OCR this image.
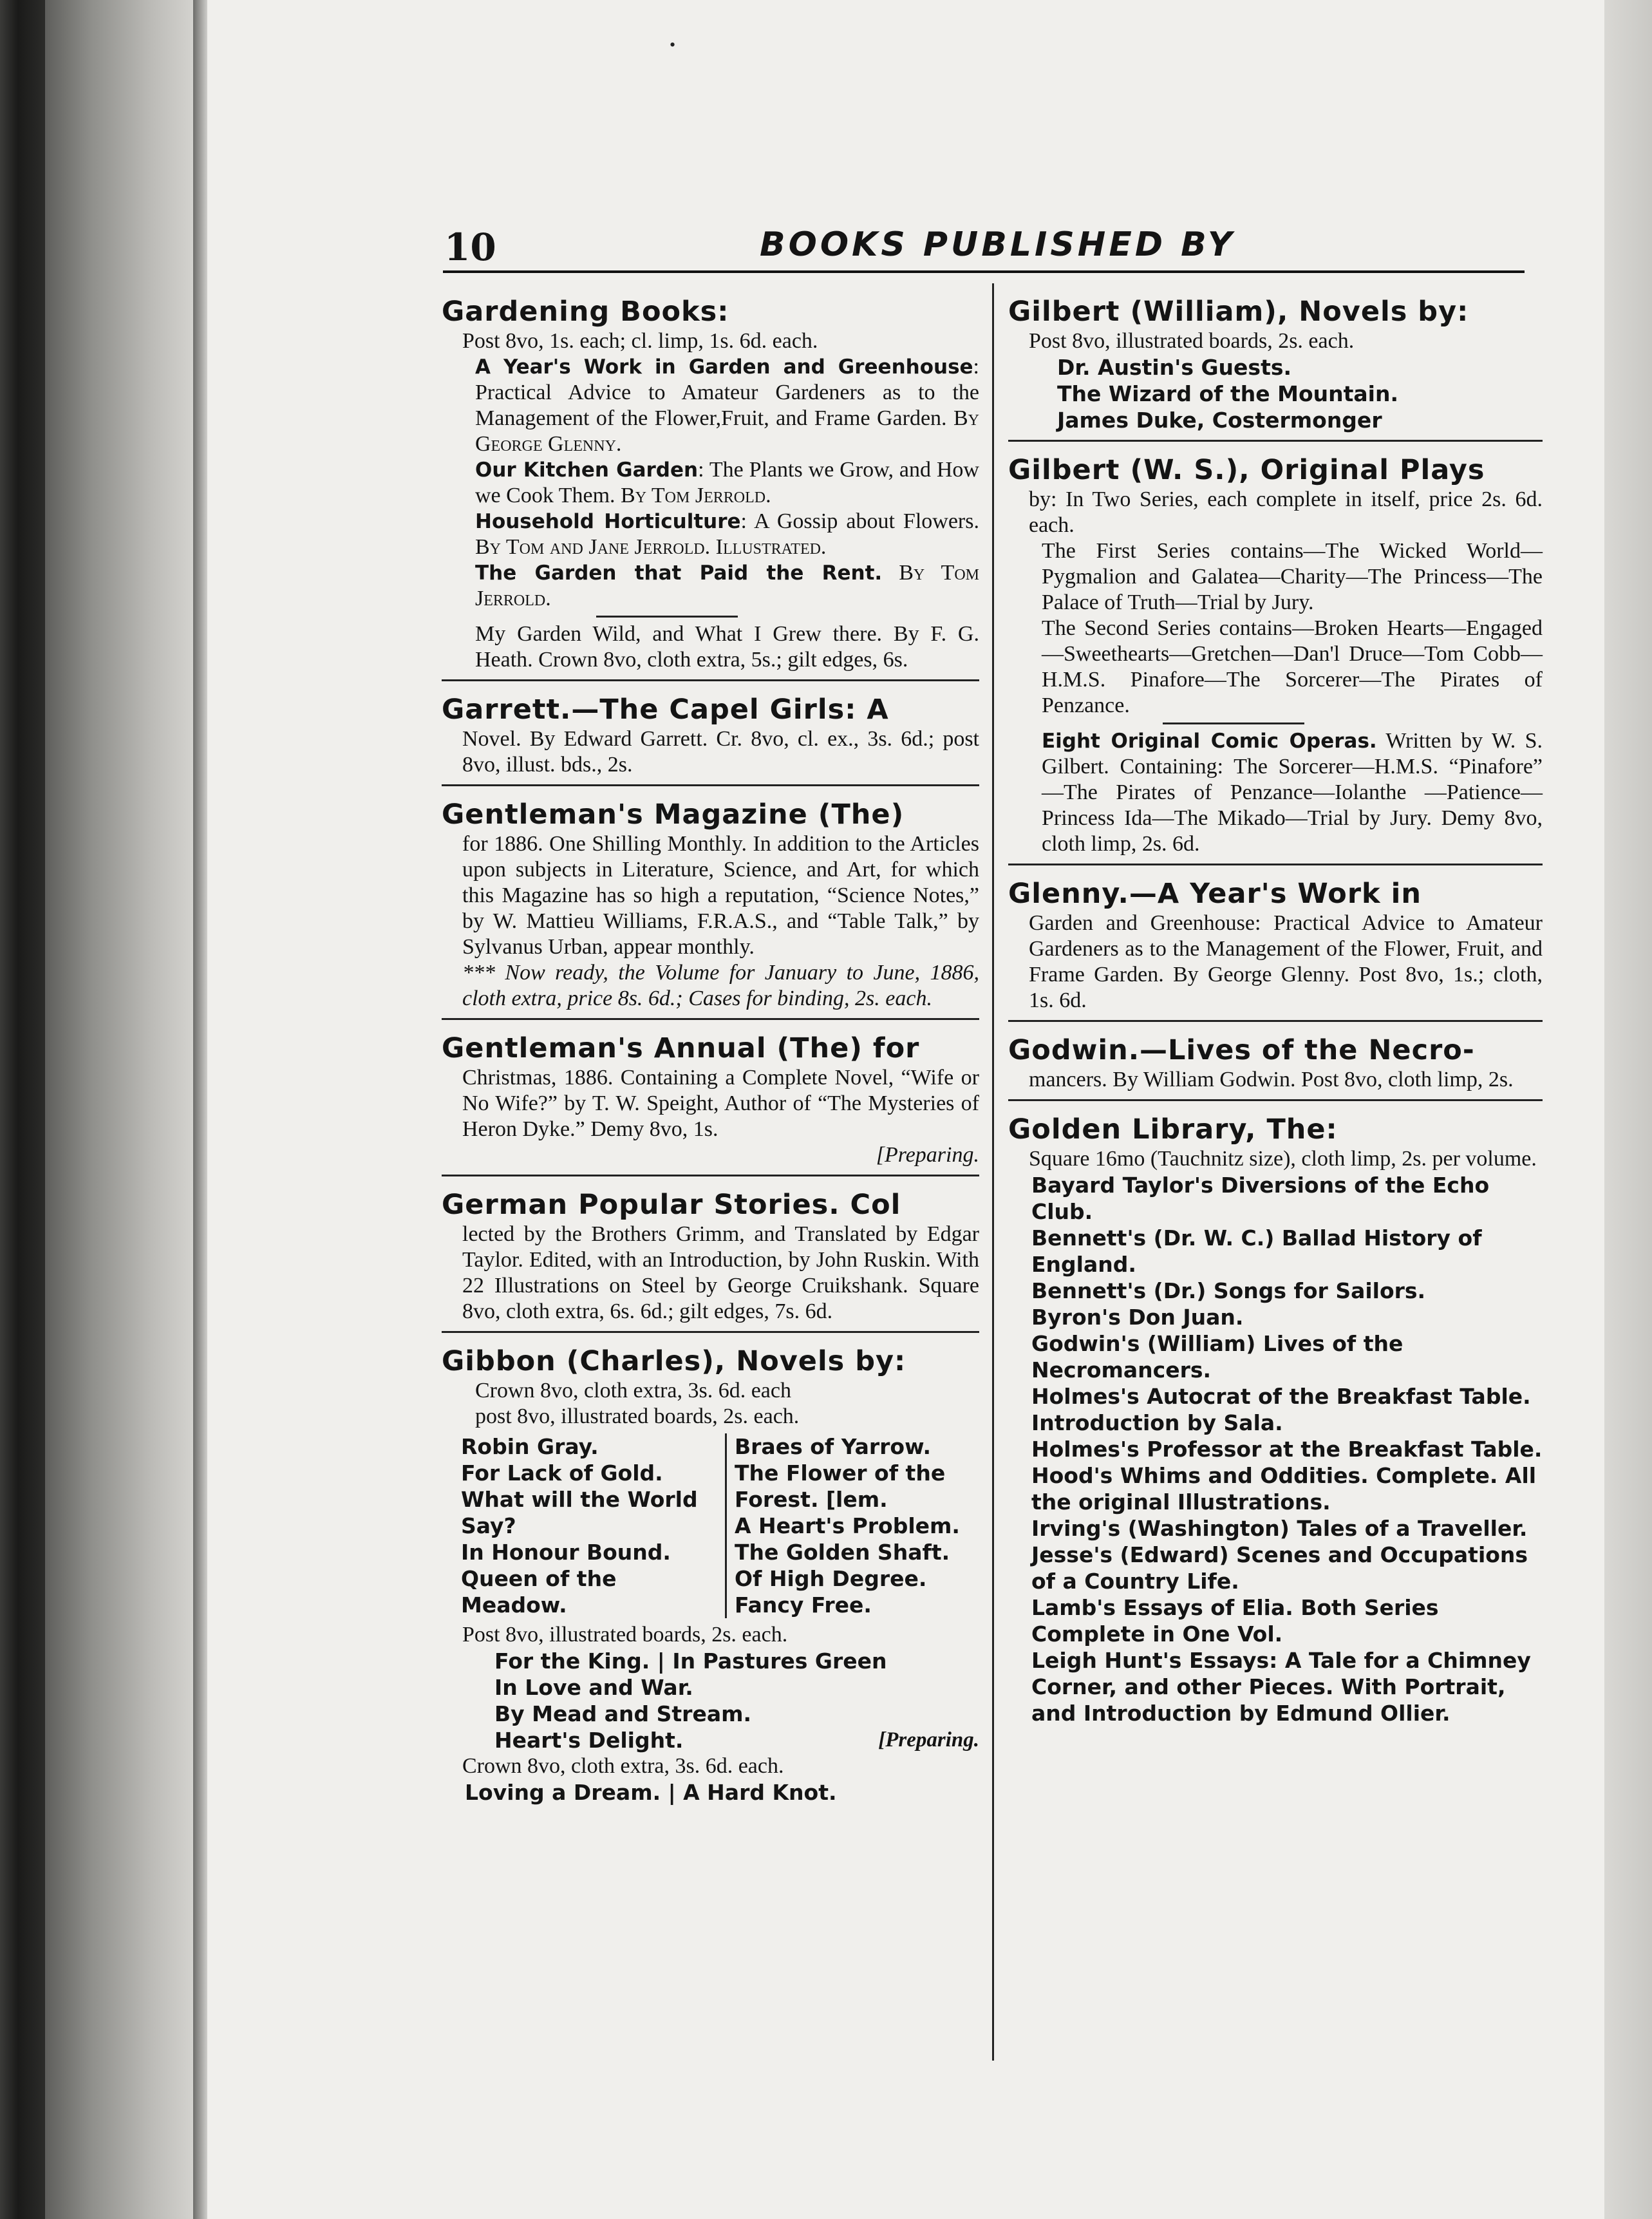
•
10	BOOKS PUBLISHED BY
Gardening Books:
Post 8vo, 1s. each; cl. limp, 1s. 6d. each.
A Year's Work in Garden and Greenhouse: Practical Advice to Amateur Gardeners as to the Management of the Flower,Fruit, and Frame Garden. By George Glenny.
Our Kitchen Garden: The Plants we Grow, and How we Cook Them. By Tom Jerrold.
Household Horticulture: A Gossip about Flowers. By Tom and Jane Jerrold. Illustrated.
The Garden that Paid the Rent. By Tom Jerrold.
My Garden Wild, and What I Grew there. By F. G. Heath. Crown 8vo, cloth extra, 5s.; gilt edges, 6s.
Garrett.—The Capel Girls: A
Novel. By Edward Garrett. Cr. 8vo, cl. ex., 3s. 6d.; post 8vo, illust. bds., 2s.
Gentleman's Magazine (The)
for 1886. One Shilling Monthly. In addition to the Articles upon subjects in Literature, Science, and Art, for which this Magazine has so high a reputation, “Science Notes,” by W. Mattieu Williams, F.R.A.S., and “Table Talk,” by Sylvanus Urban, appear monthly.
*** Now ready, the Volume for January to June, 1886, cloth extra, price 8s. 6d.; Cases for binding, 2s. each.
Gentleman's Annual (The) for
Christmas, 1886. Containing a Complete Novel, “Wife or No Wife?” by T. W. Speight, Author of “The Mysteries of Heron Dyke.” Demy 8vo, 1s.
[Preparing.
German Popular Stories. Col
lected by the Brothers Grimm, and Translated by Edgar Taylor. Edited, with an Introduction, by John Ruskin. With 22 Illustrations on Steel by George Cruikshank. Square 8vo, cloth extra, 6s. 6d.; gilt edges, 7s. 6d.
Gibbon (Charles), Novels by:
Crown 8vo, cloth extra, 3s. 6d. each
post 8vo, illustrated boards, 2s. each.
Robin Gray.
For Lack of Gold.
What will the World Say?
In Honour Bound.
Queen of the Meadow.
Braes of Yarrow.
The Flower of the Forest. [lem.
A Heart's Problem.
The Golden Shaft.
Of High Degree.
Fancy Free.
Post 8vo, illustrated boards, 2s. each.
For the King. | In Pastures Green
In Love and War.
By Mead and Stream.
Heart's Delight.	[Preparing.
Crown 8vo, cloth extra, 3s. 6d. each.
Loving a Dream. | A Hard Knot.
Gilbert (William), Novels by:
Post 8vo, illustrated boards, 2s. each.
Dr. Austin's Guests.
The Wizard of the Mountain.
James Duke, Costermonger
Gilbert (W. S.), Original Plays
by: In Two Series, each complete in itself, price 2s. 6d. each.
The First Series contains—The Wicked World—Pygmalion and Galatea—Charity—The Princess—The Palace of Truth—Trial by Jury.
The Second Series contains—Broken Hearts—Engaged—Sweethearts—Gretchen—Dan'l Druce—Tom Cobb—H.M.S. Pinafore—The Sorcerer—The Pirates of Penzance.
Eight Original Comic Operas. Written by W. S. Gilbert. Containing: The Sorcerer—H.M.S. “Pinafore” —The Pirates of Penzance—Iolanthe —Patience—Princess Ida—The Mikado—Trial by Jury. Demy 8vo, cloth limp, 2s. 6d.
Glenny.—A Year's Work in
Garden and Greenhouse: Practical Advice to Amateur Gardeners as to the Management of the Flower, Fruit, and Frame Garden. By George Glenny. Post 8vo, 1s.; cloth, 1s. 6d.
Godwin.—Lives of the Necro-
mancers. By William Godwin. Post 8vo, cloth limp, 2s.
Golden Library, The:
Square 16mo (Tauchnitz size), cloth limp, 2s. per volume.
Bayard Taylor's Diversions of the Echo Club.
Bennett's (Dr. W. C.) Ballad History of England.
Bennett's (Dr.) Songs for Sailors.
Byron's Don Juan.
Godwin's (William) Lives of the Necromancers.
Holmes's Autocrat of the Breakfast Table. Introduction by Sala.
Holmes's Professor at the Breakfast Table.
Hood's Whims and Oddities. Complete. All the original Illustrations.
Irving's (Washington) Tales of a Traveller.
Jesse's (Edward) Scenes and Occupations of a Country Life.
Lamb's Essays of Elia. Both Series Complete in One Vol.
Leigh Hunt's Essays: A Tale for a Chimney Corner, and other Pieces. With Portrait, and Introduction by Edmund Ollier.
